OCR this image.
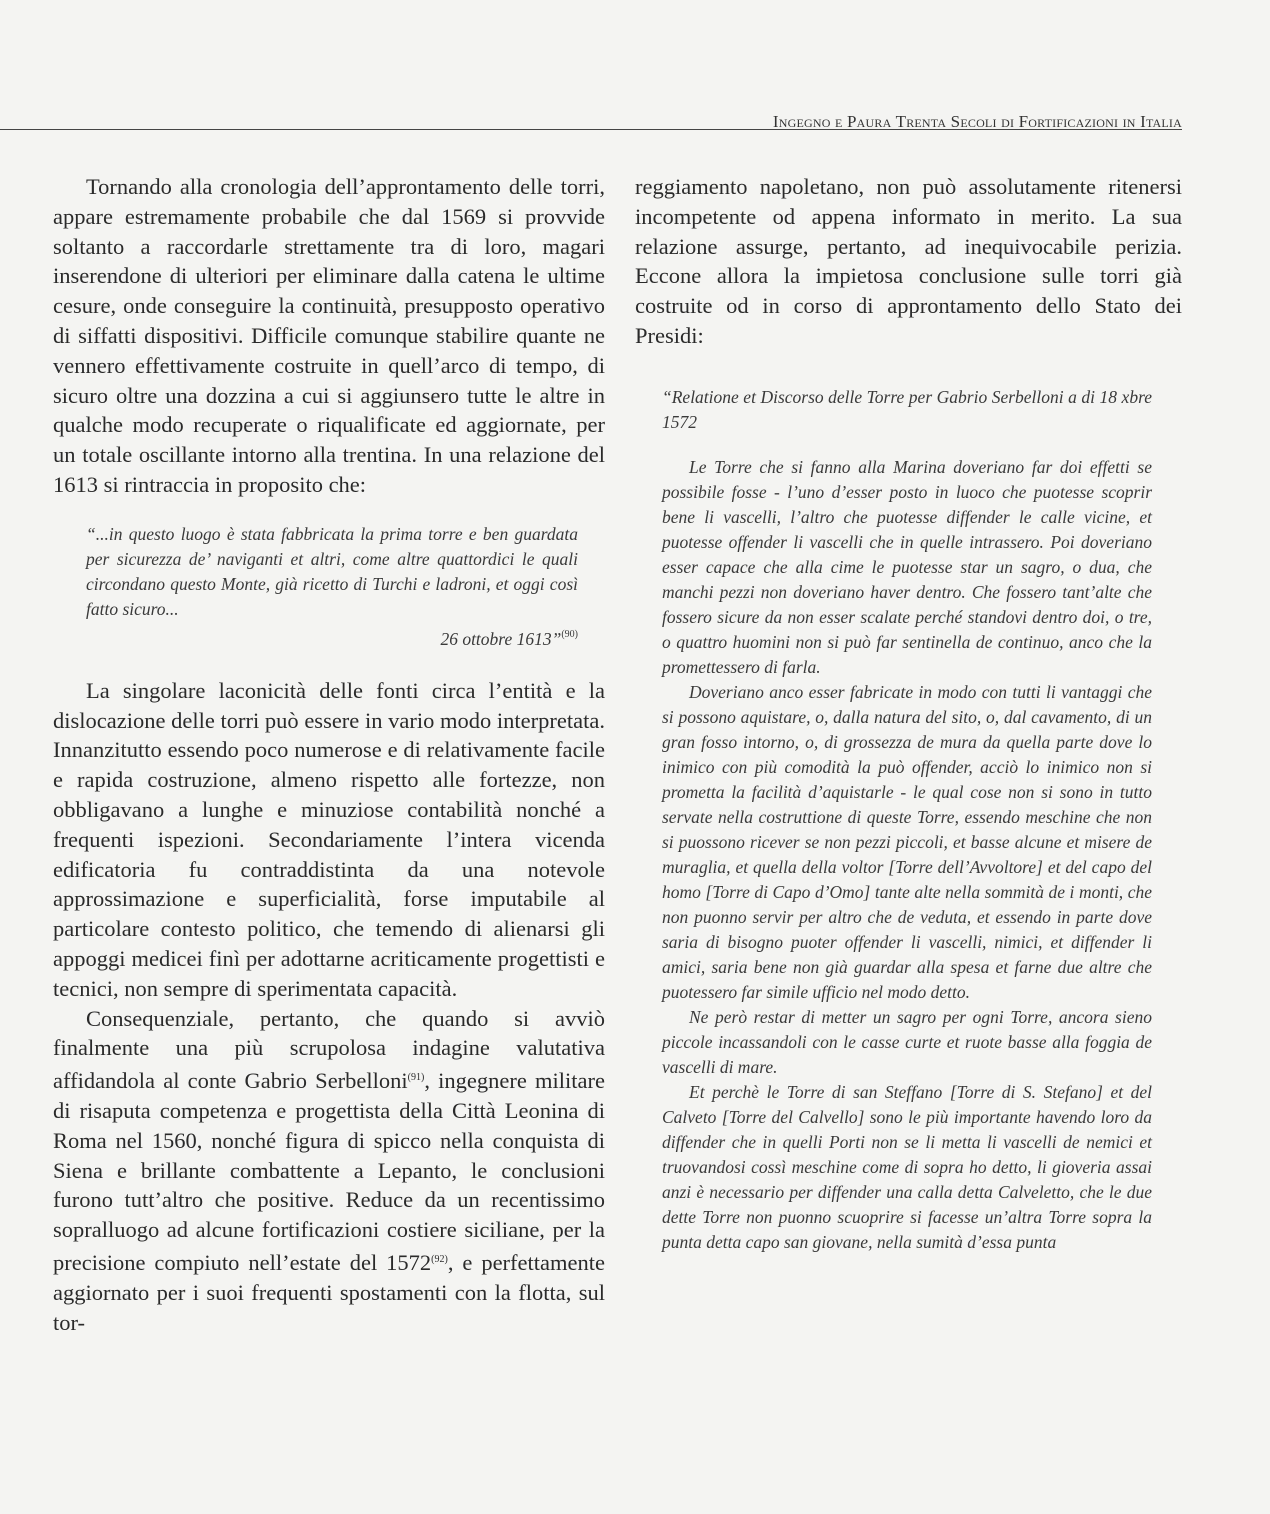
Ingegno e Paura Trenta Secoli di Fortificazioni in Italia

Tornando alla cronologia dell’approntamento delle torri, appare estremamente probabile che dal 1569 si provvide soltanto a raccordarle strettamente tra di loro, magari inserendone di ulteriori per eliminare dalla catena le ultime cesure, onde conseguire la continuità, presupposto operativo di siffatti dispositivi. Difficile comunque stabilire quante ne vennero effettivamente costruite in quell’arco di tempo, di sicuro oltre una dozzina a cui si aggiunsero tutte le altre in qualche modo recuperate o riqualificate ed aggiornate, per un totale oscillante intorno alla trentina. In una relazione del 1613 si rintraccia in proposito che:

“...in questo luogo è stata fabbricata la prima torre e ben guardata per sicurezza de’ naviganti et altri, come altre quattordici le quali circondano questo Monte, già ricetto di Turchi e ladroni, et oggi così fatto sicuro...
26 ottobre 1613”$^{(90)}$

La singolare laconicità delle fonti circa l’entità e la dislocazione delle torri può essere in vario modo interpretata. Innanzitutto essendo poco numerose e di relativamente facile e rapida costruzione, almeno rispetto alle fortezze, non obbligavano a lunghe e minuziose contabilità nonché a frequenti ispezioni. Secondariamente l’intera vicenda edificatoria fu contraddistinta da una notevole approssimazione e superficialità, forse imputabile al particolare contesto politico, che temendo di alienarsi gli appoggi medicei finì per adottarne acriticamente progettisti e tecnici, non sempre di sperimentata capacità.

Consequenziale, pertanto, che quando si avviò finalmente una più scrupolosa indagine valutativa affidandola al conte Gabrio Serbelloni$^{(91)}$, ingegnere militare di risaputa competenza e progettista della Città Leonina di Roma nel 1560, nonché figura di spicco nella conquista di Siena e brillante combattente a Lepanto, le conclusioni furono tutt’altro che positive. Reduce da un recentissimo sopralluogo ad alcune fortificazioni costiere siciliane, per la precisione compiuto nell’estate del 1572$^{(92)}$, e perfettamente aggiornato per i suoi frequenti spostamenti con la flotta, sul tor-

reggiamento napoletano, non può assolutamente ritenersi incompetente od appena informato in merito. La sua relazione assurge, pertanto, ad inequivocabile perizia. Eccone allora la impietosa conclusione sulle torri già costruite od in corso di approntamento dello Stato dei Presidi:

“Relatione et Discorso delle Torre per Gabrio Serbelloni a di 18 xbre 1572

Le Torre che si fanno alla Marina doveriano far doi effetti se possibile fosse - l’uno d’esser posto in luoco che puotesse scoprir bene li vascelli, l’altro che puotesse diffender le calle vicine, et puotesse offender li vascelli che in quelle intrassero. Poi doveriano esser capace che alla cime le puotesse star un sagro, o dua, che manchi pezzi non doveriano haver dentro. Che fossero tant’alte che fossero sicure da non esser scalate perché standovi dentro doi, o tre, o quattro huomini non si può far sentinella de continuo, anco che la promettessero di farla.

Doveriano anco esser fabricate in modo con tutti li vantaggi che si possono aquistare, o, dalla natura del sito, o, dal cavamento, di un gran fosso intorno, o, di grossezza de mura da quella parte dove lo inimico con più comodità la può offender, acciò lo inimico non si prometta la facilità d’aquistarle - le qual cose non si sono in tutto servate nella costruttione di queste Torre, essendo meschine che non si puossono ricever se non pezzi piccoli, et basse alcune et misere de muraglia, et quella della voltor [Torre dell’Avvoltore] et del capo del homo [Torre di Capo d’Omo] tante alte nella sommità de i monti, che non puonno servir per altro che de veduta, et essendo in parte dove saria di bisogno puoter offender li vascelli, nimici, et diffender li amici, saria bene non già guardar alla spesa et farne due altre che puotessero far simile ufficio nel modo detto.

Ne però restar di metter un sagro per ogni Torre, ancora sieno piccole incassandoli con le casse curte et ruote basse alla foggia de vascelli di mare.

Et perchè le Torre di san Steffano [Torre di S. Stefano] et del Calveto [Torre del Calvello] sono le più importante havendo loro da diffender che in quelli Porti non se li metta li vascelli de nemici et truovandosi cossì meschine come di sopra ho detto, li gioveria assai anzi è necessario per diffender una calla detta Calveletto, che le due dette Torre non puonno scuoprire si facesse un’altra Torre sopra la punta detta capo san giovane, nella sumità d’essa punta
